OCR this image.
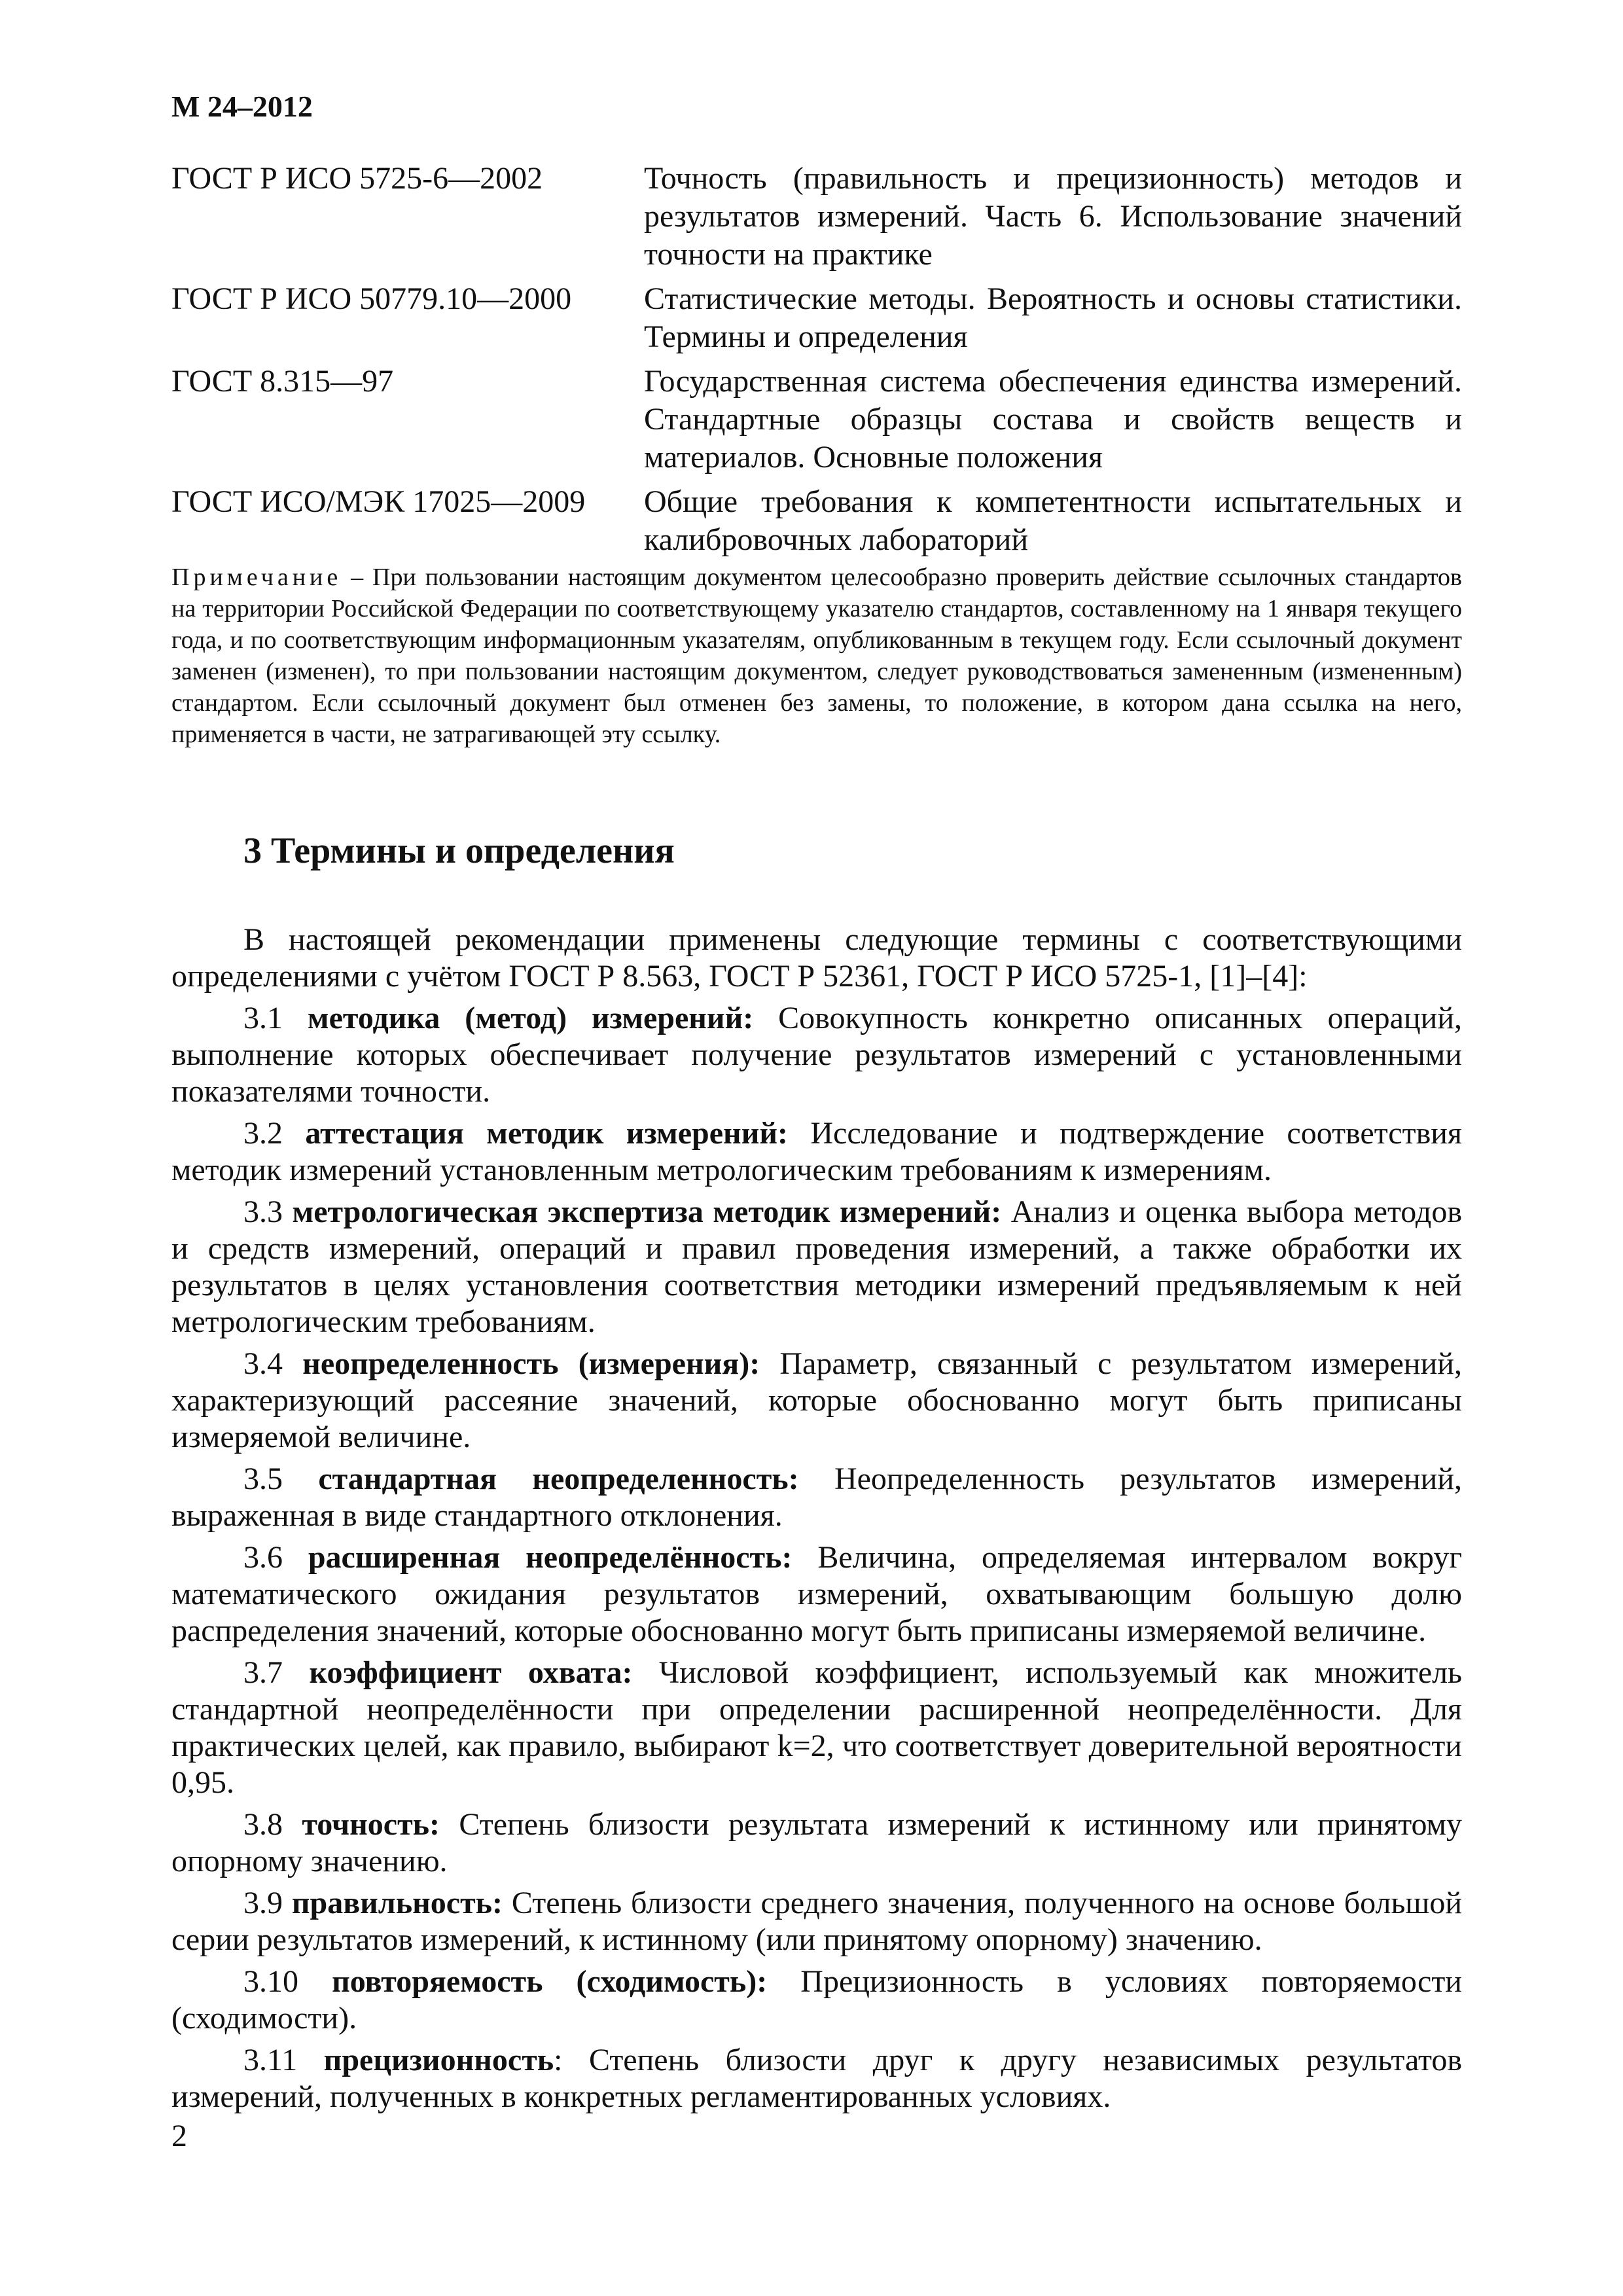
М 24–2012
ГОСТ Р ИСО 5725-6—2002	Точность (правильность и прецизионность) методов и результатов измерений. Часть 6. Использование значений точности на практике
ГОСТ Р ИСО 50779.10—2000	Статистические методы. Вероятность и основы статистики. Термины и определения
ГОСТ 8.315—97	Государственная система обеспечения единства измерений. Стандартные образцы состава и свойств веществ и материалов. Основные положения
ГОСТ ИСО/МЭК 17025—2009	Общие требования к компетентности испытательных и калибровочных лабораторий
Примечание – При пользовании настоящим документом целесообразно проверить действие ссылочных стандартов на территории Российской Федерации по соответствующему указателю стандартов, составленному на 1 января текущего года, и по соответствующим информационным указателям, опубликованным в текущем году. Если ссылочный документ заменен (изменен), то при пользовании настоящим документом, следует руководствоваться замененным (измененным) стандартом. Если ссылочный документ был отменен без замены, то положение, в котором дана ссылка на него, применяется в части, не затрагивающей эту ссылку.
3 Термины и определения

В настоящей рекомендации применены следующие термины с соответствующими определениями с учётом ГОСТ Р 8.563, ГОСТ Р 52361, ГОСТ Р ИСО 5725-1, [1]–[4]:

3.1 методика (метод) измерений: Совокупность конкретно описанных операций, выполнение которых обеспечивает получение результатов измерений с установленными показателями точности.

3.2 аттестация методик измерений: Исследование и подтверждение соответствия методик измерений установленным метрологическим требованиям к измерениям.

3.3 метрологическая экспертиза методик измерений: Анализ и оценка выбора методов и средств измерений, операций и правил проведения измерений, а также обработки их результатов в целях установления соответствия методики измерений предъявляемым к ней метрологическим требованиям.

3.4 неопределенность (измерения): Параметр, связанный с результатом измерений, характеризующий рассеяние значений, которые обоснованно могут быть приписаны измеряемой величине.

3.5 стандартная неопределенность: Неопределенность результатов измерений, выраженная в виде стандартного отклонения.

3.6 расширенная неопределённость: Величина, определяемая интервалом вокруг математического ожидания результатов измерений, охватывающим большую долю распределения значений, которые обоснованно могут быть приписаны измеряемой величине.

3.7 коэффициент охвата: Числовой коэффициент, используемый как множитель стандартной неопределённости при определении расширенной неопределённости. Для практических целей, как правило, выбирают k=2, что соответствует доверительной вероятности 0,95.

3.8 точность: Степень близости результата измерений к истинному или принятому опорному значению.

3.9 правильность: Степень близости среднего значения, полученного на основе большой серии результатов измерений, к истинному (или принятому опорному) значению.

3.10 повторяемость (сходимость): Прецизионность в условиях повторяемости (сходимости).

3.11 прецизионность: Степень близости друг к другу независимых результатов измерений, полученных в конкретных регламентированных условиях.

2
